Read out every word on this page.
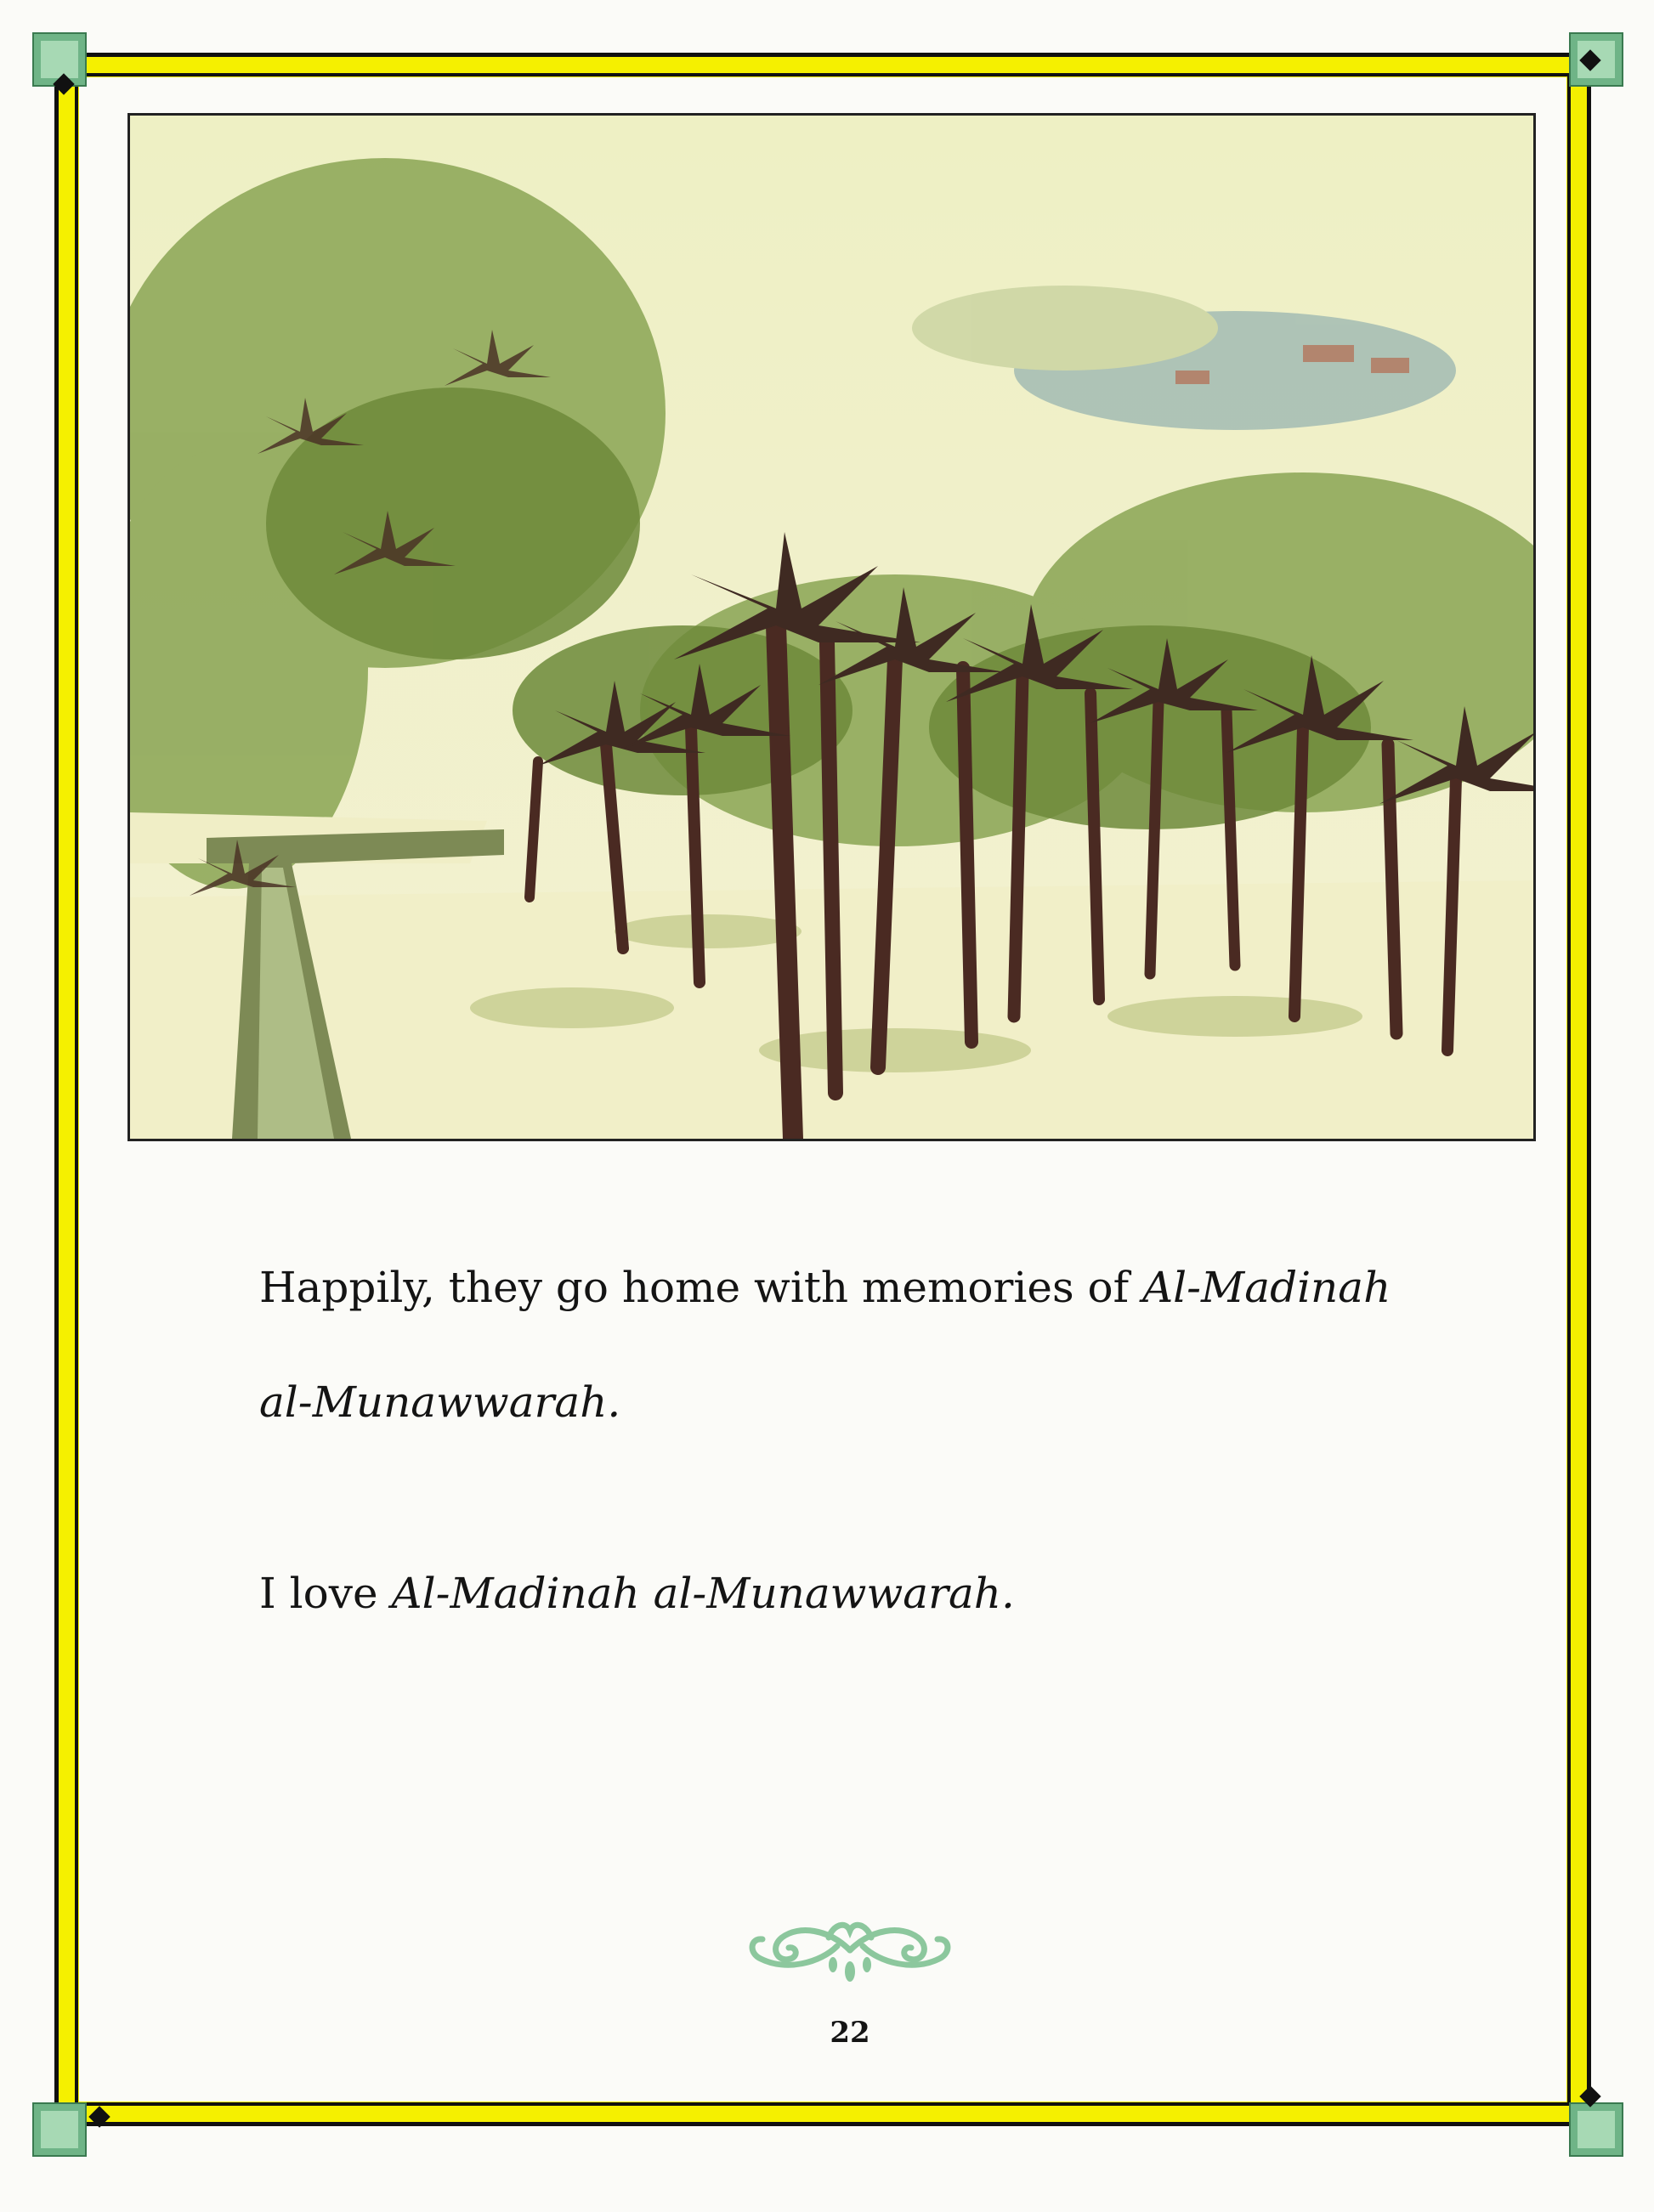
Happily, they go home with memories of Al-Madinah

al-Munawwarah.

I love Al-Madinah al-Munawwarah.

22
